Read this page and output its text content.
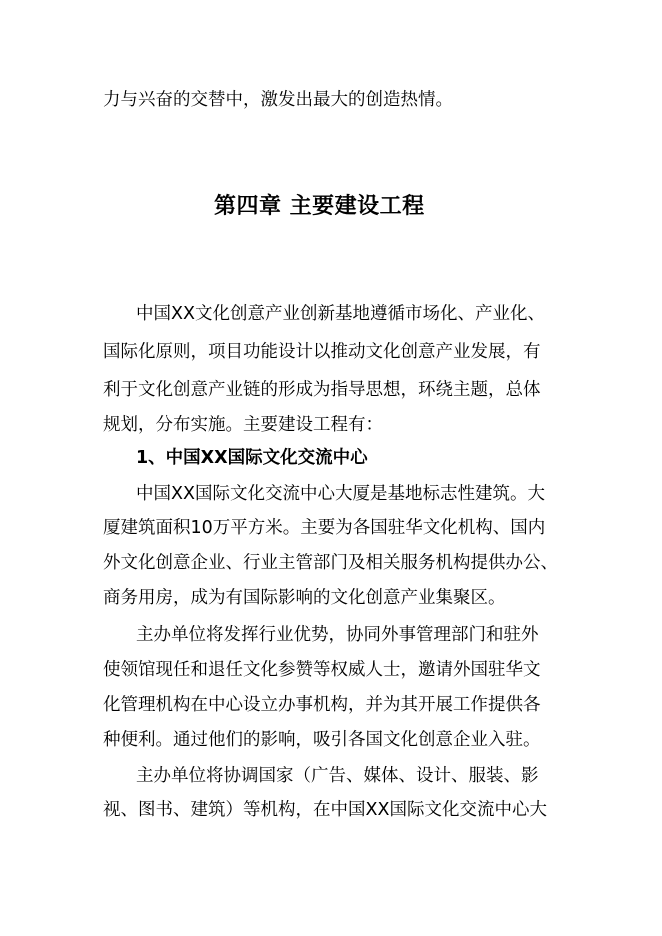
力与兴奋的交替中，激发出最大的创造热情。
第四章 主要建设工程
中国XX文化创意产业创新基地遵循市场化、产业化、
国际化原则，项目功能设计以推动文化创意产业发展，有
利于文化创意产业链的形成为指导思想，环绕主题，总体
规划，分布实施。主要建设工程有：
1、中国XX国际文化交流中心
中国XX国际文化交流中心大厦是基地标志性建筑。大
厦建筑面积10万平方米。主要为各国驻华文化机构、国内
外文化创意企业、行业主管部门及相关服务机构提供办公、
商务用房，成为有国际影响的文化创意产业集聚区。
主办单位将发挥行业优势，协同外事管理部门和驻外
使领馆现任和退任文化参赞等权威人士，邀请外国驻华文
化管理机构在中心设立办事机构，并为其开展工作提供各
种便利。通过他们的影响，吸引各国文化创意企业入驻。
主办单位将协调国家（广告、媒体、设计、服装、影
视、图书、建筑）等机构，在中国XX国际文化交流中心大
